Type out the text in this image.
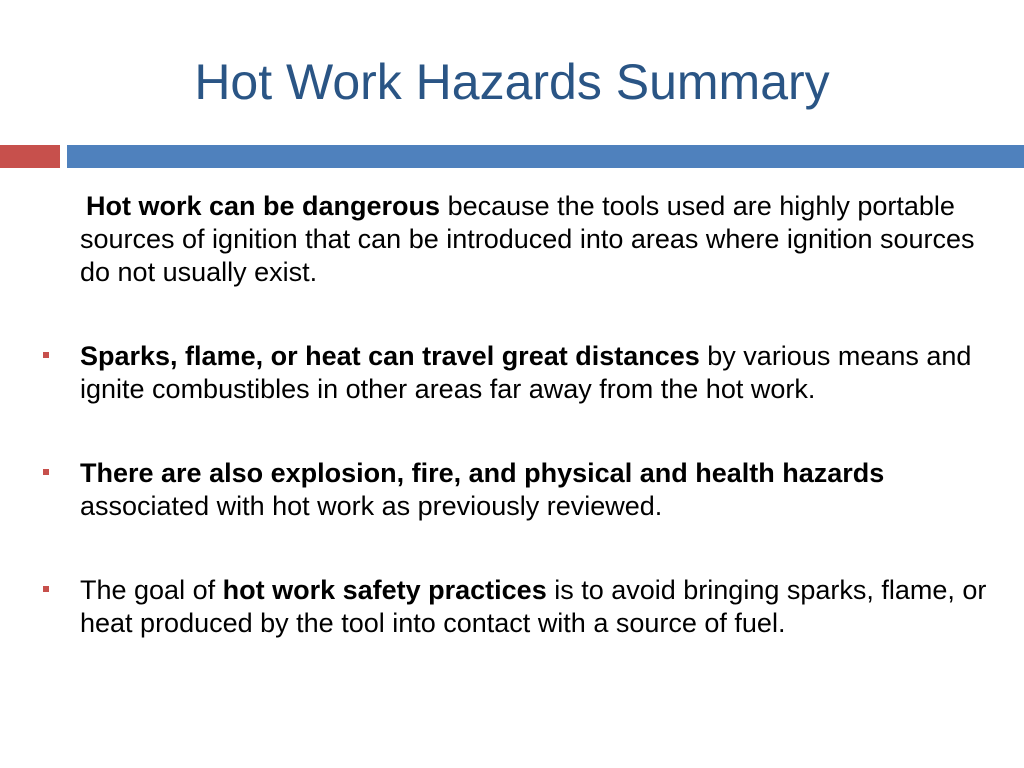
Hot Work Hazards Summary

Hot work can be dangerous because the tools used are highly portable sources of ignition that can be introduced into areas where ignition sources do not usually exist.

Sparks, flame, or heat can travel great distances by various means and ignite combustibles in other areas far away from the hot work.

There are also explosion, fire, and physical and health hazards associated with hot work as previously reviewed.

The goal of hot work safety practices is to avoid bringing sparks, flame, or heat produced by the tool into contact with a source of fuel.
